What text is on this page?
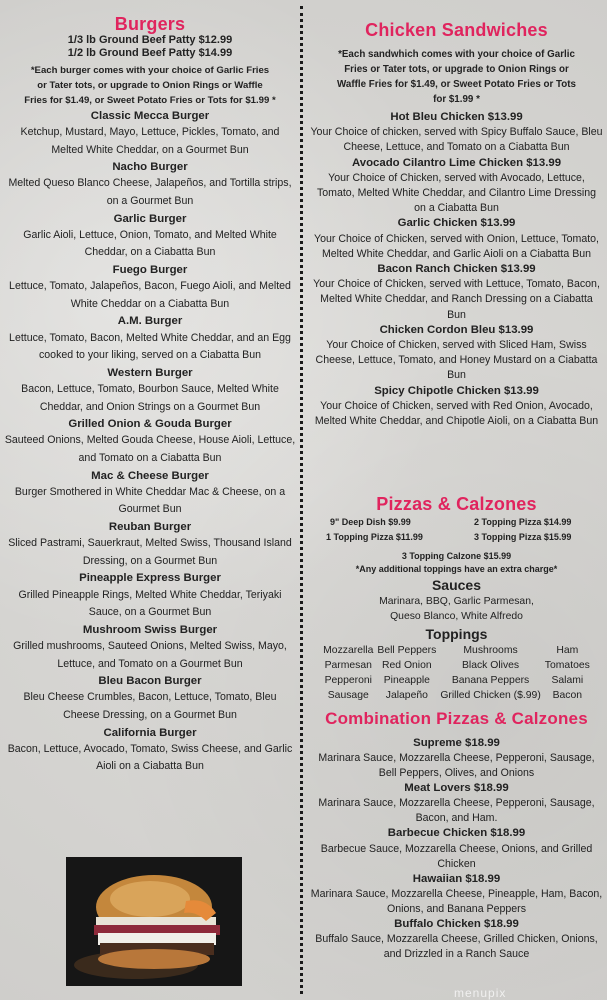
Burgers

1/3 lb Ground Beef Patty $12.99

1/2 lb Ground Beef Patty $14.99

*Each burger comes with your choice of Garlic Fries

or Tater tots, or upgrade to Onion Rings or Waffle

Fries for $1.49, or Sweet Potato Fries or Tots for $1.99 *

Classic Mecca Burger

Ketchup, Mustard, Mayo, Lettuce, Pickles, Tomato, and Melted White Cheddar, on a Gourmet Bun

Nacho Burger

Melted Queso Blanco Cheese, Jalapeños, and Tortilla strips, on a Gourmet Bun

Garlic Burger

Garlic Aioli, Lettuce, Onion, Tomato, and Melted White Cheddar, on a Ciabatta Bun

Fuego Burger

Lettuce, Tomato, Jalapeños, Bacon, Fuego Aioli, and Melted White Cheddar on a Ciabatta Bun

A.M. Burger

Lettuce, Tomato, Bacon, Melted White Cheddar, and an Egg cooked to your liking, served on a Ciabatta Bun

Western Burger

Bacon, Lettuce, Tomato, Bourbon Sauce, Melted White Cheddar, and Onion Strings on a Gourmet Bun

Grilled Onion & Gouda Burger

Sauteed Onions, Melted Gouda Cheese, House Aioli, Lettuce, and Tomato on a Ciabatta Bun

Mac & Cheese Burger

Burger Smothered in White Cheddar Mac & Cheese, on a Gourmet Bun

Reuban Burger

Sliced Pastrami, Sauerkraut, Melted Swiss, Thousand Island Dressing, on a Gourmet Bun

Pineapple Express Burger

Grilled Pineapple Rings, Melted White Cheddar, Teriyaki Sauce, on a Gourmet Bun

Mushroom Swiss Burger

Grilled mushrooms, Sauteed Onions, Melted Swiss, Mayo, Lettuce, and Tomato on a Gourmet Bun

Bleu Bacon Burger

Bleu Cheese Crumbles, Bacon, Lettuce, Tomato, Bleu Cheese Dressing, on a Gourmet Bun

California Burger

Bacon, Lettuce, Avocado, Tomato, Swiss Cheese, and Garlic Aioli on a Ciabatta Bun

Chicken Sandwiches

*Each sandwhich comes with your choice of Garlic

Fries or Tater tots, or upgrade to Onion Rings or

Waffle Fries for $1.49, or Sweet Potato Fries or Tots

for $1.99 *

Hot Bleu Chicken $13.99

Your Choice of chicken, served with Spicy Buffalo Sauce, Bleu Cheese, Lettuce, and Tomato on a Ciabatta Bun

Avocado Cilantro Lime Chicken $13.99

Your Choice of Chicken, served with Avocado, Lettuce, Tomato, Melted White Cheddar, and Cilantro Lime Dressing on a Ciabatta Bun

Garlic Chicken $13.99

Your Choice of Chicken, served with Onion, Lettuce, Tomato, Melted White Cheddar, and Garlic Aioli on a Ciabatta Bun

Bacon Ranch Chicken $13.99

Your Choice of Chicken, served with Lettuce, Tomato, Bacon, Melted White Cheddar, and Ranch Dressing on a Ciabatta Bun

Chicken Cordon Bleu $13.99

Your Choice of Chicken, served with Sliced Ham, Swiss Cheese, Lettuce, Tomato, and Honey Mustard on a Ciabatta Bun

Spicy Chipotle Chicken $13.99

Your Choice of Chicken, served with Red Onion, Avocado, Melted White Cheddar, and Chipotle Aioli, on a Ciabatta Bun

Pizzas & Calzones
9" Deep Dish $9.99	2 Topping Pizza $14.99
1 Topping Pizza $11.99	3 Topping Pizza $15.99

3 Topping Calzone $15.99

*Any additional toppings have an extra charge*

Sauces

Marinara, BBQ, Garlic Parmesan,

Queso Blanco, White Alfredo

Toppings

Mozzarella	Bell Peppers	Mushrooms	Ham
Parmesan	Red Onion	Black Olives	Tomatoes
Pepperoni	Pineapple	Banana Peppers	Salami
Sausage	Jalapeño	Grilled Chicken ($.99)	Bacon
Combination Pizzas & Calzones

Supreme $18.99

Marinara Sauce, Mozzarella Cheese, Pepperoni, Sausage, Bell Peppers, Olives, and Onions

Meat Lovers $18.99

Marinara Sauce, Mozzarella Cheese, Pepperoni, Sausage, Bacon, and Ham.

Barbecue Chicken $18.99

Barbecue Sauce, Mozzarella Cheese, Onions, and Grilled Chicken

Hawaiian $18.99

Marinara Sauce, Mozzarella Cheese, Pineapple, Ham, Bacon, Onions, and Banana Peppers

Buffalo Chicken $18.99

Buffalo Sauce, Mozzarella Cheese, Grilled Chicken, Onions, and Drizzled in a Ranch Sauce

menupix
